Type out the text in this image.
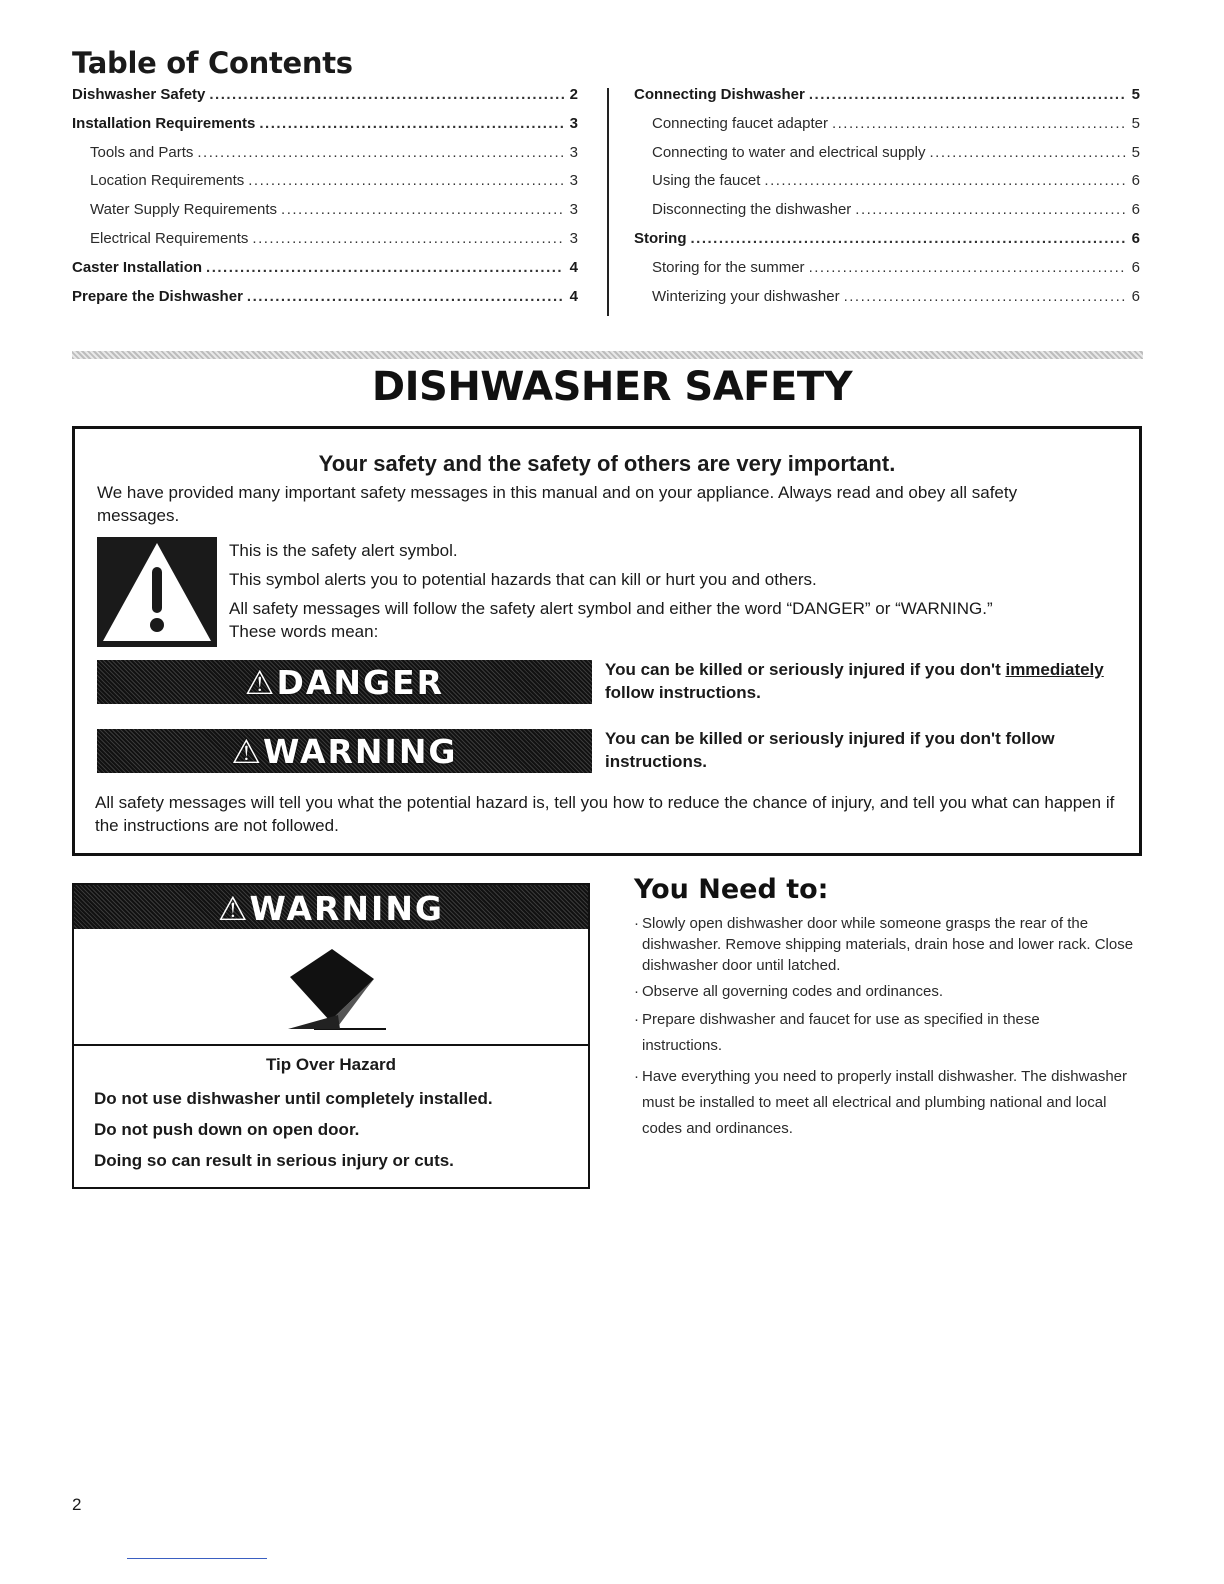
Table of Contents
Dishwasher Safety .....	2
Installation Requirements .....	3
Tools and Parts .....	3
Location Requirements .....	3
Water Supply Requirements .....	3
Electrical Requirements .....	3
Caster Installation .....	4
Prepare the Dishwasher .....	4
Connecting Dishwasher .....	5
Connecting faucet adapter .....	5
Connecting to water and electrical supply .....	5
Using the faucet .....	6
Disconnecting the dishwasher .....	6
Storing .....	6
Storing for the summer .....	6
Winterizing your dishwasher .....	6
DISHWASHER SAFETY
Your safety and the safety of others are very important.
We have provided many important safety messages in this manual and on your appliance. Always read and obey all safety messages.
This is the safety alert symbol.
This symbol alerts you to potential hazards that can kill or hurt you and others.
All safety messages will follow the safety alert symbol and either the word “DANGER” or “WARNING.”
These words mean:
⚠DANGER	You can be killed or seriously injured if you don't immediately
follow instructions.
⚠WARNING	You can be killed or seriously injured if you don't follow instructions.
All safety messages will tell you what the potential hazard is, tell you how to reduce the chance of injury, and tell you what can happen if the instructions are not followed.
⚠WARNING
Tip Over Hazard
Do not use dishwasher until completely installed.
Do not push down on open door.
Doing so can result in serious injury or cuts.
You Need to:
· Slowly open dishwasher door while someone grasps the rear of the dishwasher. Remove shipping materials, drain hose and lower rack. Close dishwasher door until latched.
· Observe all governing codes and ordinances.
· Prepare dishwasher and faucet for use as specified in these instructions.
· Have everything you need to properly install dishwasher. The dishwasher must be installed to meet all electrical and plumbing national and local codes and ordinances.
2
